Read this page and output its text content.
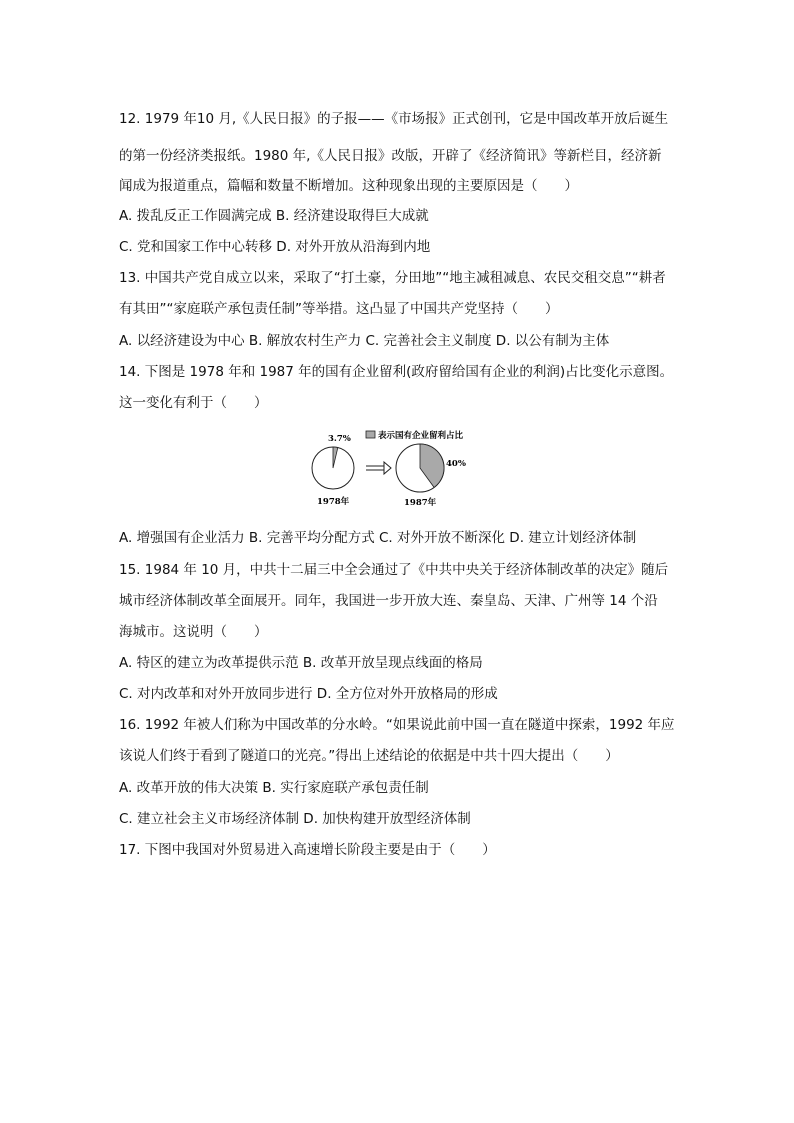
12. 1979 年10 月,《人民日报》的子报——《市场报》正式创刊，它是中国改革开放后诞生
的第一份经济类报纸。1980 年,《人民日报》改版，开辟了《经济简讯》等新栏目，经济新
闻成为报道重点，篇幅和数量不断增加。这种现象出现的主要原因是（　　）
A. 拨乱反正工作圆满完成 B. 经济建设取得巨大成就
C. 党和国家工作中心转移 D. 对外开放从沿海到内地
13. 中国共产党自成立以来，采取了“打土豪，分田地”“地主减租减息、农民交租交息”“耕者
有其田”“家庭联产承包责任制”等举措。这凸显了中国共产党坚持（　　）
A. 以经济建设为中心 B. 解放农村生产力 C. 完善社会主义制度 D. 以公有制为主体
14. 下图是 1978 年和 1987 年的国有企业留利(政府留给国有企业的利润)占比变化示意图。
这一变化有利于（　　）
表示国有企业留利占比
3.7%
1978年
40%
1987年
A. 增强国有企业活力 B. 完善平均分配方式 C. 对外开放不断深化 D. 建立计划经济体制
15. 1984 年 10 月，中共十二届三中全会通过了《中共中央关于经济体制改革的决定》随后
城市经济体制改革全面展开。同年，我国进一步开放大连、秦皇岛、天津、广州等 14 个沿
海城市。这说明（　　）
A. 特区的建立为改革提供示范 B. 改革开放呈现点线面的格局
C. 对内改革和对外开放同步进行 D. 全方位对外开放格局的形成
16. 1992 年被人们称为中国改革的分水岭。“如果说此前中国一直在隧道中探索，1992 年应
该说人们终于看到了隧道口的光亮。”得出上述结论的依据是中共十四大提出（　　）
A. 改革开放的伟大决策 B. 实行家庭联产承包责任制
C. 建立社会主义市场经济体制 D. 加快构建开放型经济体制
17. 下图中我国对外贸易进入高速增长阶段主要是由于（　　）
